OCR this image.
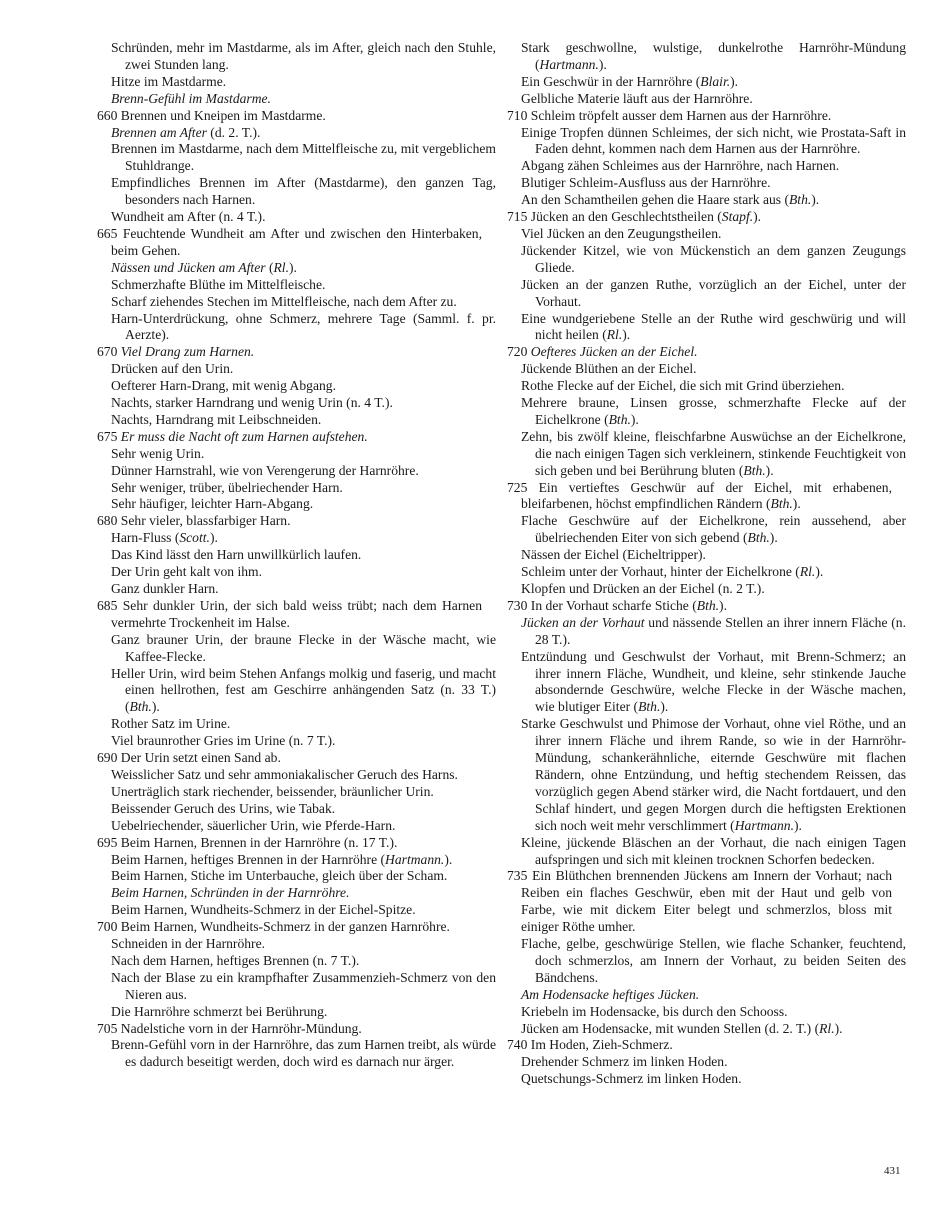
Schründen, mehr im Mastdarme, als im After, gleich nach den Stuhle, zwei Stunden lang.
Hitze im Mastdarme.
Brenn-Gefühl im Mastdarme.
660 Brennen und Kneipen im Mastdarme.
Brennen am After (d. 2. T.).
Brennen im Mastdarme, nach dem Mittelfleische zu, mit vergeblichem Stuhldrange.
Empfindliches Brennen im After (Mastdarme), den ganzen Tag, besonders nach Harnen.
Wundheit am After (n. 4 T.).
665 Feuchtende Wundheit am After und zwischen den Hinterbaken, beim Gehen.
Nässen und Jücken am After (Rl.).
Schmerzhafte Blüthe im Mittelfleische.
Scharf ziehendes Stechen im Mittelfleische, nach dem After zu.
Harn-Unterdrückung, ohne Schmerz, mehrere Tage (Samml. f. pr. Aerzte).
670 Viel Drang zum Harnen.
Drücken auf den Urin.
Oefterer Harn-Drang, mit wenig Abgang.
Nachts, starker Harndrang und wenig Urin (n. 4 T.).
Nachts, Harndrang mit Leibschneiden.
675 Er muss die Nacht oft zum Harnen aufstehen.
Sehr wenig Urin.
Dünner Harnstrahl, wie von Verengerung der Harnröhre.
Sehr weniger, trüber, übelriechender Harn.
Sehr häufiger, leichter Harn-Abgang.
680 Sehr vieler, blassfarbiger Harn.
Harn-Fluss (Scott.).
Das Kind lässt den Harn unwillkürlich laufen.
Der Urin geht kalt von ihm.
Ganz dunkler Harn.
685 Sehr dunkler Urin, der sich bald weiss trübt; nach dem Harnen vermehrte Trockenheit im Halse.
Ganz brauner Urin, der braune Flecke in der Wäsche macht, wie Kaffee-Flecke.
Heller Urin, wird beim Stehen Anfangs molkig und faserig, und macht einen hellrothen, fest am Geschirre anhängenden Satz (n. 33 T.) (Bth.).
Rother Satz im Urine.
Viel braunrother Gries im Urine (n. 7 T.).
690 Der Urin setzt einen Sand ab.
Weisslicher Satz und sehr ammoniakalischer Geruch des Harns.
Unerträglich stark riechender, beissender, bräunlicher Urin.
Beissender Geruch des Urins, wie Tabak.
Uebelriechender, säuerlicher Urin, wie Pferde-Harn.
695 Beim Harnen, Brennen in der Harnröhre (n. 17 T.).
Beim Harnen, heftiges Brennen in der Harnröhre (Hartmann.).
Beim Harnen, Stiche im Unterbauche, gleich über der Scham.
Beim Harnen, Schründen in der Harnröhre.
Beim Harnen, Wundheits-Schmerz in der Eichel-Spitze.
700 Beim Harnen, Wundheits-Schmerz in der ganzen Harnröhre.
Schneiden in der Harnröhre.
Nach dem Harnen, heftiges Brennen (n. 7 T.).
Nach der Blase zu ein krampfhafter Zusammenzieh-Schmerz von den Nieren aus.
Die Harnröhre schmerzt bei Berührung.
705 Nadelstiche vorn in der Harnröhr-Mündung.
Brenn-Gefühl vorn in der Harnröhre, das zum Harnen treibt, als würde es dadurch beseitigt werden, doch wird es darnach nur ärger.
Stark geschwollne, wulstige, dunkelrothe Harnröhr-Mündung (Hartmann.).
Ein Geschwür in der Harnröhre (Blair.).
Gelbliche Materie läuft aus der Harnröhre.
710 Schleim tröpfelt ausser dem Harnen aus der Harnröhre.
Einige Tropfen dünnen Schleimes, der sich nicht, wie Prostata-Saft in Faden dehnt, kommen nach dem Harnen aus der Harnröhre.
Abgang zähen Schleimes aus der Harnröhre, nach Harnen.
Blutiger Schleim-Ausfluss aus der Harnröhre.
An den Schamtheilen gehen die Haare stark aus (Bth.).
715 Jücken an den Geschlechtstheilen (Stapf.).
Viel Jücken an den Zeugungstheilen.
Jückender Kitzel, wie von Mückenstich an dem ganzen Zeugungs Gliede.
Jücken an der ganzen Ruthe, vorzüglich an der Eichel, unter der Vorhaut.
Eine wundgeriebene Stelle an der Ruthe wird geschwürig und will nicht heilen (Rl.).
720 Oefteres Jücken an der Eichel.
Jückende Blüthen an der Eichel.
Rothe Flecke auf der Eichel, die sich mit Grind überziehen.
Mehrere braune, Linsen grosse, schmerzhafte Flecke auf der Eichelkrone (Bth.).
Zehn, bis zwölf kleine, fleischfarbne Auswüchse an der Eichelkrone, die nach einigen Tagen sich verkleinern, stinkende Feuchtigkeit von sich geben und bei Berührung bluten (Bth.).
725 Ein vertieftes Geschwür auf der Eichel, mit erhabenen, bleifarbenen, höchst empfindlichen Rändern (Bth.).
Flache Geschwüre auf der Eichelkrone, rein aussehend, aber übelriechenden Eiter von sich gebend (Bth.).
Nässen der Eichel (Eicheltripper).
Schleim unter der Vorhaut, hinter der Eichelkrone (Rl.).
Klopfen und Drücken an der Eichel (n. 2 T.).
730 In der Vorhaut scharfe Stiche (Bth.).
Jücken an der Vorhaut und nässende Stellen an ihrer innern Fläche (n. 28 T.).
Entzündung und Geschwulst der Vorhaut, mit Brenn-Schmerz; an ihrer innern Fläche, Wundheit, und kleine, sehr stinkende Jauche absondernde Geschwüre, welche Flecke in der Wäsche machen, wie blutiger Eiter (Bth.).
Starke Geschwulst und Phimose der Vorhaut, ohne viel Röthe, und an ihrer innern Fläche und ihrem Rande, so wie in der Harnröhr-Mündung, schankerähnliche, eiternde Geschwüre mit flachen Rändern, ohne Entzündung, und heftig stechendem Reissen, das vorzüglich gegen Abend stärker wird, die Nacht fortdauert, und den Schlaf hindert, und gegen Morgen durch die heftigsten Erektionen sich noch weit mehr verschlimmert (Hartmann.).
Kleine, jückende Bläschen an der Vorhaut, die nach einigen Tagen aufspringen und sich mit kleinen trocknen Schorfen bedecken.
735 Ein Blüthchen brennenden Jückens am Innern der Vorhaut; nach Reiben ein flaches Geschwür, eben mit der Haut und gelb von Farbe, wie mit dickem Eiter belegt und schmerzlos, bloss mit einiger Röthe umher.
Flache, gelbe, geschwürige Stellen, wie flache Schanker, feuchtend, doch schmerzlos, am Innern der Vorhaut, zu beiden Seiten des Bändchens.
Am Hodensacke heftiges Jücken.
Kriebeln im Hodensacke, bis durch den Schooss.
Jücken am Hodensacke, mit wunden Stellen (d. 2. T.) (Rl.).
740 Im Hoden, Zieh-Schmerz.
Drehender Schmerz im linken Hoden.
Quetschungs-Schmerz im linken Hoden.
431
